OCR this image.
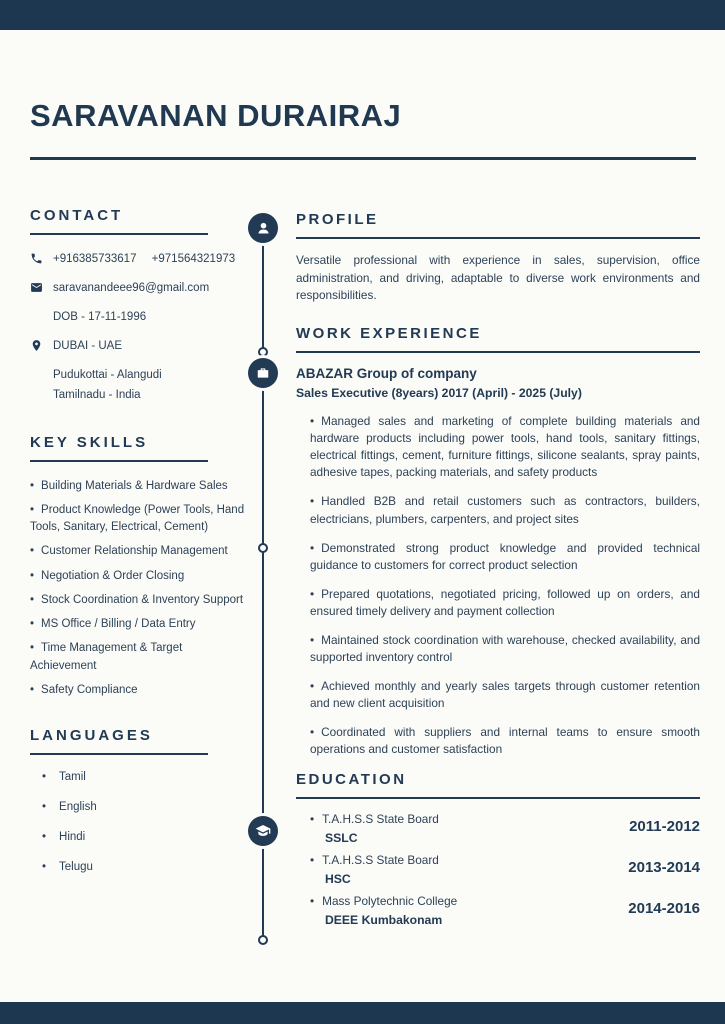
SARAVANAN DURAIRAJ
CONTACT
+916385733617 +971564321973
saravanandeee96@gmail.com
DOB - 17-11-1996
DUBAI - UAE
Pudukottai - Alangudi
Tamilnadu - India
KEY SKILLS
• Building Materials & Hardware Sales
• Product Knowledge (Power Tools, Hand Tools, Sanitary, Electrical, Cement)
• Customer Relationship Management
• Negotiation & Order Closing
• Stock Coordination & Inventory Support
• MS Office / Billing / Data Entry
• Time Management & Target Achievement
• Safety Compliance
LANGUAGES
• Tamil
• English
• Hindi
• Telugu
PROFILE

Versatile professional with experience in sales, supervision, office administration, and driving, adaptable to diverse work environments and responsibilities.

WORK EXPERIENCE
ABAZAR Group of company
Sales Executive (8years) 2017 (April) - 2025 (July)
• Managed sales and marketing of complete building materials and hardware products including power tools, hand tools, sanitary fittings, electrical fittings, cement, furniture fittings, silicone sealants, spray paints, adhesive tapes, packing materials, and safety products
• Handled B2B and retail customers such as contractors, builders, electricians, plumbers, carpenters, and project sites
• Demonstrated strong product knowledge and provided technical guidance to customers for correct product selection
• Prepared quotations, negotiated pricing, followed up on orders, and ensured timely delivery and payment collection
• Maintained stock coordination with warehouse, checked availability, and supported inventory control
• Achieved monthly and yearly sales targets through customer retention and new client acquisition
• Coordinated with suppliers and internal teams to ensure smooth operations and customer satisfaction
EDUCATION
• T.A.H.S.S State Board
SSLC
2011-2012
• T.A.H.S.S State Board
HSC
2013-2014
• Mass Polytechnic College
DEEE Kumbakonam
2014-2016
